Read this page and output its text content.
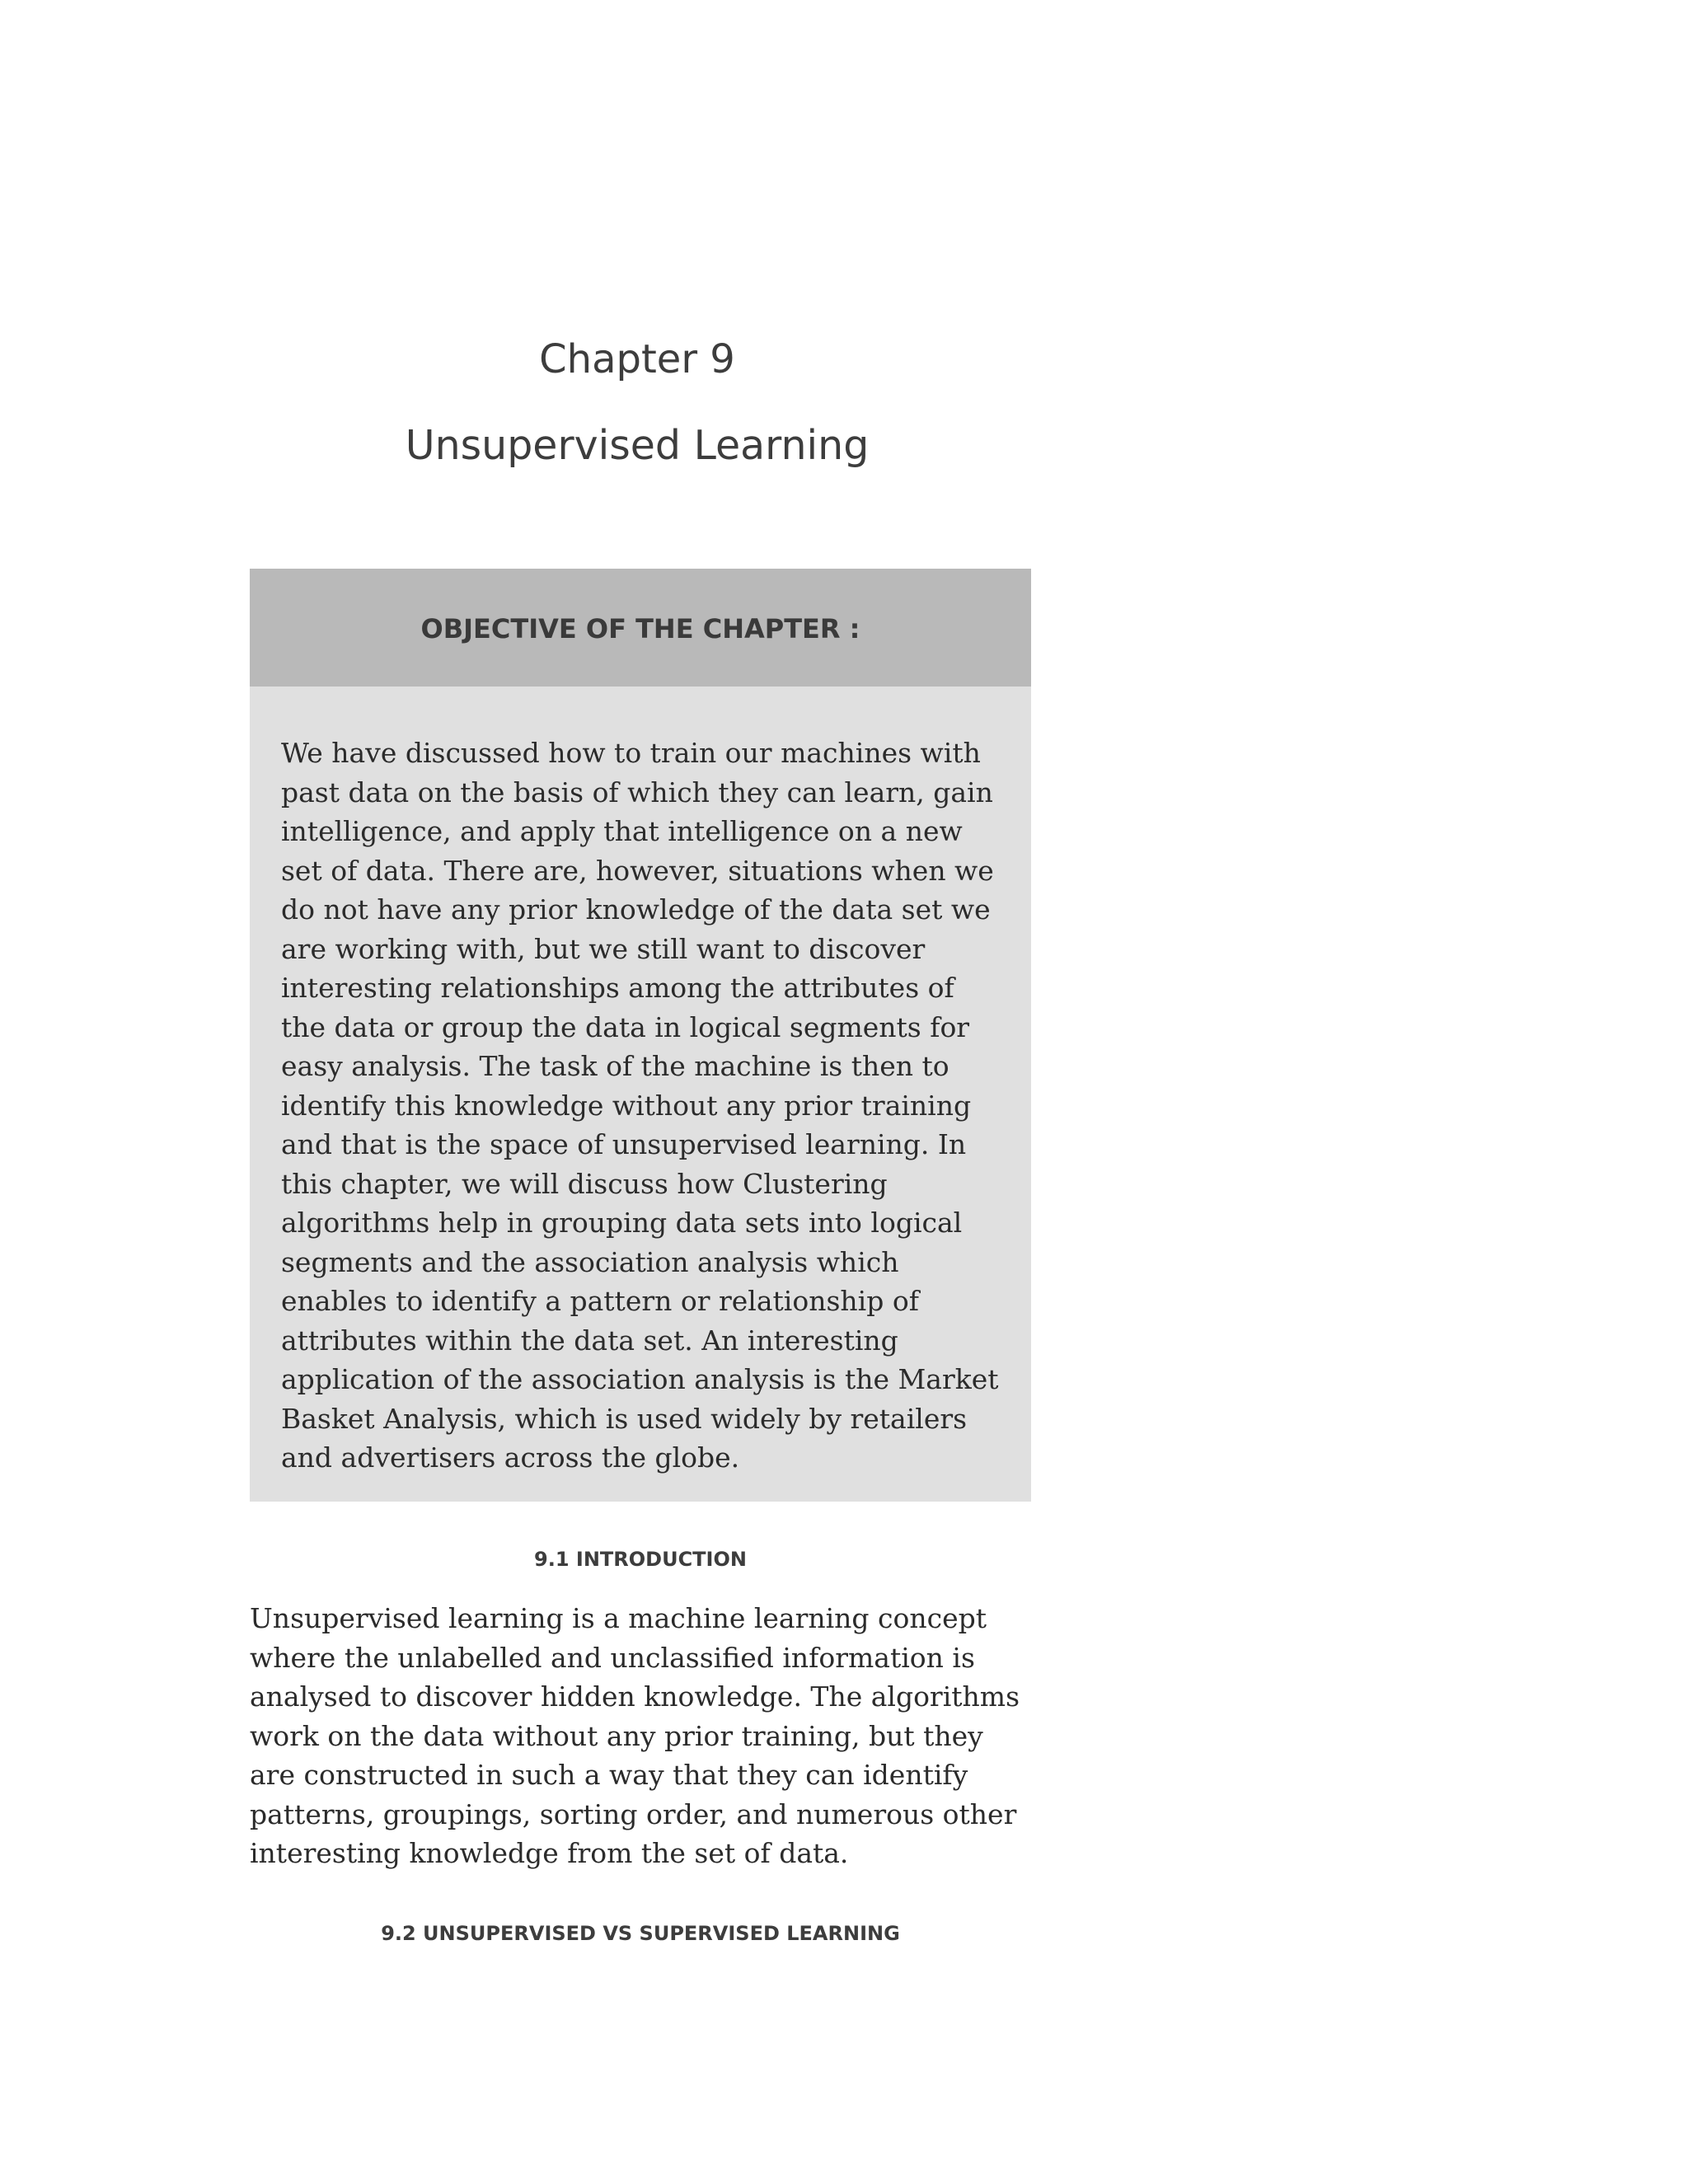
Chapter 9
Unsupervised Learning
OBJECTIVE OF THE CHAPTER :

We have discussed how to train our machines with past data on the basis of which they can learn, gain intelligence, and apply that intelligence on a new set of data. There are, however, situations when we do not have any prior knowledge of the data set we are working with, but we still want to discover interesting relationships among the attributes of the data or group the data in logical segments for easy analysis. The task of the machine is then to identify this knowledge without any prior training and that is the space of unsupervised learning. In this chapter, we will discuss how Clustering algorithms help in grouping data sets into logical segments and the association analysis which enables to identify a pattern or relationship of attributes within the data set. An interesting application of the association analysis is the Market Basket Analysis, which is used widely by retailers and advertisers across the globe.

9.1 INTRODUCTION

Unsupervised learning is a machine learning concept where the unlabelled and unclassified information is analysed to discover hidden knowledge. The algorithms work on the data without any prior training, but they are constructed in such a way that they can identify patterns, groupings, sorting order, and numerous other interesting knowledge from the set of data.

9.2 UNSUPERVISED VS SUPERVISED LEARNING
